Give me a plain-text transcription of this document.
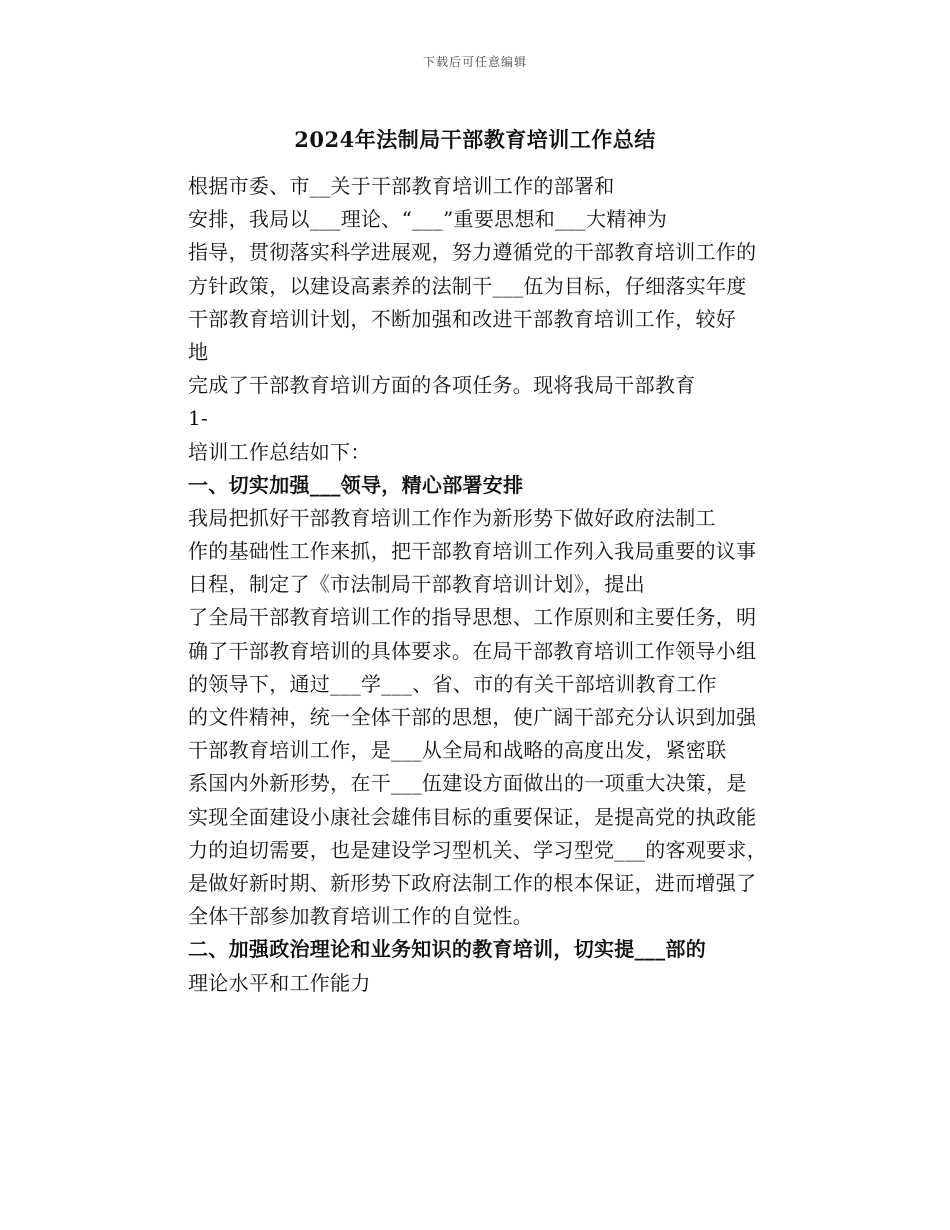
下载后可任意编辑
2024年法制局干部教育培训工作总结
根据市委、市__关于干部教育培训工作的部署和
安排，我局以___理论、“___”重要思想和___大精神为
指导，贯彻落实科学进展观，努力遵循党的干部教育培训工作的
方针政策，以建设高素养的法制干___伍为目标，仔细落实年度
干部教育培训计划，不断加强和改进干部教育培训工作，较好
地
完成了干部教育培训方面的各项任务。现将我局干部教育
1-
培训工作总结如下：
一、切实加强___领导，精心部署安排
我局把抓好干部教育培训工作作为新形势下做好政府法制工
作的基础性工作来抓，把干部教育培训工作列入我局重要的议事
日程，制定了《市法制局干部教育培训计划》，提出
了全局干部教育培训工作的指导思想、工作原则和主要任务，明
确了干部教育培训的具体要求。在局干部教育培训工作领导小组
的领导下，通过___学___、省、市的有关干部培训教育工作
的文件精神，统一全体干部的思想，使广阔干部充分认识到加强
干部教育培训工作，是___从全局和战略的高度出发，紧密联
系国内外新形势，在干___伍建设方面做出的一项重大决策，是
实现全面建设小康社会雄伟目标的重要保证，是提高党的执政能
力的迫切需要，也是建设学习型机关、学习型党___的客观要求，
是做好新时期、新形势下政府法制工作的根本保证，进而增强了
全体干部参加教育培训工作的自觉性。
二、加强政治理论和业务知识的教育培训，切实提___部的
理论水平和工作能力
